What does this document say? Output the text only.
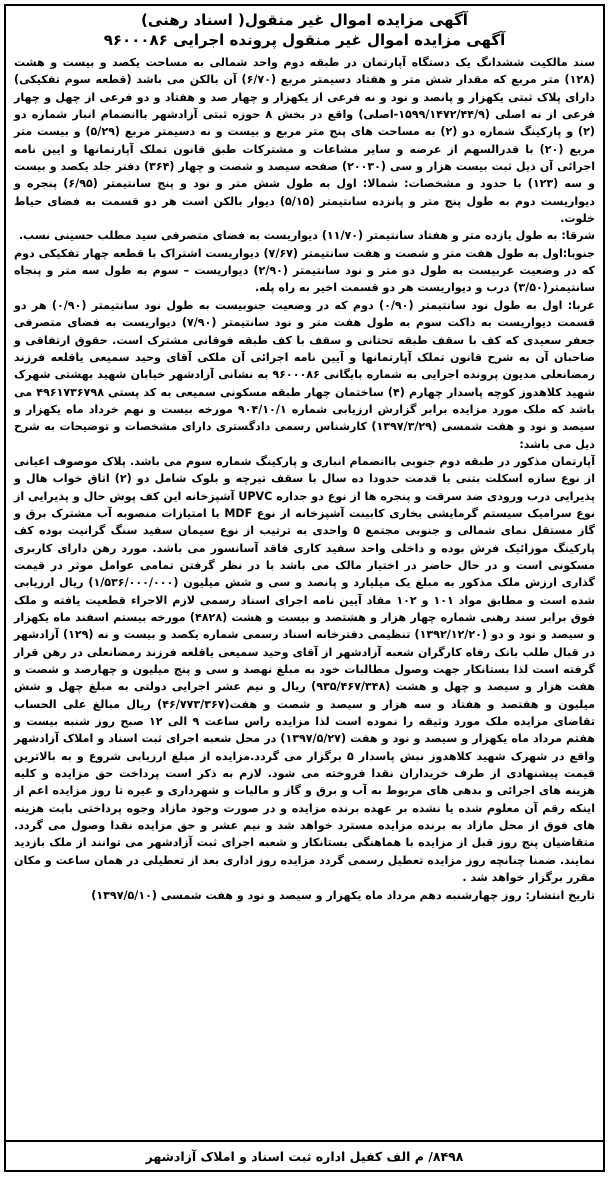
آگهی مزایده اموال غیر منقول( اسناد رهنی)
آگهی مزایده اموال غیر منقول پرونده اجرایی ۹۶۰۰۰۸۶

سند مالکیت ششدانگ یک دستگاه آپارتمان در طبقه دوم واحد شمالی به مساحت یکصد و بیست و هشت (۱۲۸) متر مربع که مقدار شش متر و هفتاد دسیمتر مربع (۶/۷۰) آن بالکن می باشد (قطعه سوم تفکیکی) دارای پلاک ثبتی یکهزار و پانصد و نود و نه فرعی از یکهزار و چهار صد و هفتاد و دو فرعی از چهل و چهار فرعی از نه اصلی (۱۵۹۹/۱۴۷۲/۴۴/۹-اصلی) واقع در بخش ۸ حوزه ثبتی آزادشهر باانضمام انبار شماره دو (۲) و پارکینگ شماره دو (۲) به مساحت های پنج متر مربع و بیست و نه دسیمتر مربع (۵/۲۹) و بیست متر مربع (۲۰) با قدرالسهم از عرصه و سایر مشاعات و مشترکات طبق قانون تملک آپارتمانها و ایین نامه اجرائی آن ذیل ثبت بیست هزار و سی (۲۰۰۳۰) صفحه سیصد و شصت و چهار (۳۶۴) دفتر جلد یکصد و بیست و سه (۱۲۳) با حدود و مشخصات: شمالا: اول به طول شش متر و نود و پنج سانتیمتر (۶/۹۵) پنجره و دیواریست دوم به طول پنج متر و پانزده سانتیمتر (۵/۱۵) دیوار بالکن است هر دو قسمت به فضای حیاط خلوت.

شرقا: به طول یازده متر و هفتاد سانتیمتر (۱۱/۷۰) دیواریست به فضای متصرفی سید مطلب حسینی نسب.

جنوبا:اول به طول هفت متر و شصت و هفت سانتیمتر (۷/۶۷) دیواریست اشتراک با قطعه چهار تفکیکی دوم که در وضعیت غربیست به طول دو متر و نود سانتیمتر (۲/۹۰) دیواریست – سوم به طول سه متر و پنجاه سانتیمتر(۳/۵۰) درب و دیواریست هر دو قسمت اخیر به راه پله.

غربا: اول به طول نود سانتیمتر (۰/۹۰) دوم که در وضعیت جنوبیست به طول نود سانتیمتر (۰/۹۰) هر دو قسمت دیواریست به داکت سوم به طول هفت متر و نود سانتیمتر (۷/۹۰) دیواریست به فضای متصرفی جعفر سعیدی که کف با سقف طبقه تحتانی و سقف با کف طبقه فوقانی مشترک است. حقوق ارتفاقی و صاحبان آن به شرح قانون تملک آپارتمانها و آیین نامه اجرائی آن ملکی آقای وحید سمیعی یاقلعه فرزند رمضانعلی مدیون پرونده اجرایی به شماره بایگانی ۹۶۰۰۰۸۶ به نشانی آزادشهر خیابان شهید بهشتی شهرک شهید کلاهدوز کوچه پاسدار چهارم (۴) ساختمان چهار طبقه مسکونی سمیعی به کد پستی ۴۹۶۱۷۳۶۷۹۸ می باشد که ملک مورد مزایده برابر گزارش ارزیابی شماره ۹۰۴/۱۰/۱ مورخه بیست و نهم خرداد ماه یکهزار و سیصد و نود و هفت شمسی (۱۳۹۷/۳/۲۹) کارشناس رسمی دادگستری دارای مشخصات و توضیحات به شرح ذیل می باشد:

آپارتمان مذکور در طبقه دوم جنوبی باانضمام انباری و پارکینگ شماره سوم می باشد. پلاک موصوف اعیانی از نوع سازه اسکلت بتنی با قدمت حدودا ده سال با سقف تیرچه و بلوک شامل دو (۲) اتاق خواب هال و پذیرایی درب ورودی ضد سرقت و پنجره ها از نوع دو جداره UPVC آشپزخانه این کف پوش حال و پذیرایی از نوع سرامیک سیستم گرمایشی بخاری کابینت آشپزخانه از نوع MDF با امتیازات منصوبه آب مشترک برق و گاز مستقل نمای شمالی و جنوبی مجتمع ۵ واحدی به ترتیب از نوع سیمان سفید سنگ گرانیت بوده کف پارکینگ موزائیک فرش بوده و داخلی واحد سفید کاری فاقد آسانسور می باشد. مورد رهن دارای کاربری مسکونی است و در حال حاضر در اختیار مالک می باشد با در نظر گرفتن تمامی عوامل موثر در قیمت گذاری ارزش ملک مذکور به مبلغ یک میلیارد و پانصد و سی و شش میلیون (۱/۵۳۶/۰۰۰/۰۰۰) ریال ارزیابی شده است و مطابق مواد ۱۰۱ و ۱۰۲ مفاد آیین نامه اجرای اسناد رسمی لازم الاجراء قطعیت یافته و ملک فوق برابر سند رهنی شماره چهار هزار و هشتصد و بیست و هشت (۴۸۲۸) مورخه بیستم اسفند ماه یکهزار و سیصد و نود و دو (۱۳۹۲/۱۲/۲۰) تنظیمی دفترخانه اسناد رسمی شماره یکصد و بیست و نه (۱۲۹) آزادشهر در قبال طلب بانک رفاه کارگران شعبه آزادشهر از آقای وحید سمیعی یاقلعه فرزند رمضانعلی در رهن قرار گرفته است لذا بستانکار جهت وصول مطالبات خود به مبلغ نهصد و سی و پنج میلیون و چهارصد و شصت و هفت هزار و سیصد و چهل و هشت (۹۳۵/۴۶۷/۳۴۸) ریال و نیم عشر اجرایی دولتی به مبلغ چهل و شش میلیون و هفتصد و هفتاد و سه هزار و سیصد و شصت و هفت(۴۶/۷۷۳/۳۶۷) ریال مبالغ علی الحساب تقاضای مزایده ملک مورد وثیقه را نموده است لذا مزایده راس ساعت ۹ الی ۱۲ صبح روز شنبه بیست و هفتم مرداد ماه یکهزار و سیصد و نود و هفت (۱۳۹۷/۵/۲۷) در محل شعبه اجرای ثبت اسناد و املاک آزادشهر واقع در شهرک شهید کلاهدوز نبش پاسدار ۵ برگزار می گردد.مزایده از مبلغ ارزیابی شروع و به بالاترین قیمت پیشنهادی از طرف خریداران نقدا فروخته می شود. لازم به ذکر است پرداخت حق مزایده و کلیه هزینه های اجرائی و بدهی های مربوط به آب و برق و گاز و مالیات و شهرداری و غیره تا روز مزایده اعم از اینکه رقم آن معلوم شده یا نشده بر عهده برنده مزایده و در صورت وجود مازاد وجوه پرداختی بابت هزینه های فوق از محل مازاد به برنده مزایده مسترد خواهد شد و نیم عشر و حق مزایده نقدا وصول می گردد. متقاضیان پنج روز قبل از مزایده با هماهنگی بستانکار و شعبه اجرای ثبت آزادشهر می توانند از ملک بازدید نمایند. ضمنا چنانچه روز مزایده تعطیل رسمی گردد مزایده روز اداری بعد از تعطیلی در همان ساعت و مکان مقرر برگزار خواهد شد .

تاریخ انتشار: روز چهارشنبه دهم مرداد ماه یکهزار و سیصد و نود و هفت شمسی (۱۳۹۷/۵/۱۰)

۸۴۹۸/ م الف کفیل اداره ثبت اسناد و املاک آزادشهر
